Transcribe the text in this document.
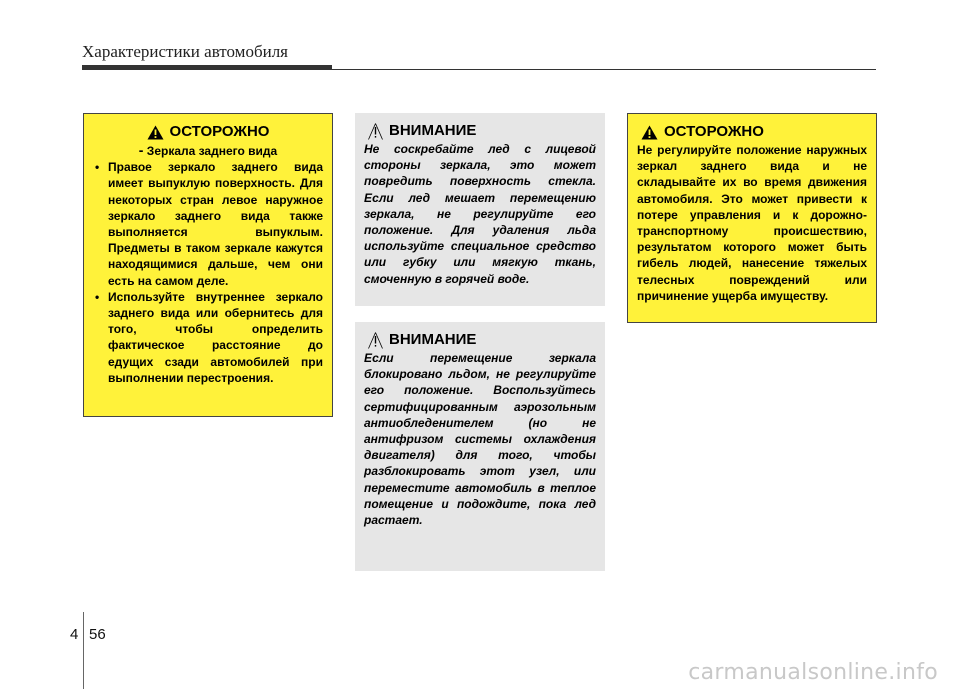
Характеристики автомобиля
ОСТОРОЖНО
- Зеркала заднего вида
• Правое зеркало заднего вида имеет выпуклую поверхность. Для некоторых стран левое наружное зеркало заднего вида также выполняется выпуклым. Предметы в таком зеркале кажутся находящимися дальше, чем они есть на самом деле.
• Используйте внутреннее зеркало заднего вида или обернитесь для того, чтобы определить фактическое расстояние до едущих сзади автомобилей при выполнении перестроения.
ВНИМАНИЕ

Не соскребайте лед с лицевой стороны зеркала, это может повредить поверхность стекла. Если лед мешает перемещению зеркала, не регулируйте его положение. Для удаления льда используйте специальное средство или губку или мягкую ткань, смоченную в горячей воде.

ВНИМАНИЕ

Если перемещение зеркала блокировано льдом, не регулируйте его положение. Воспользуйтесь сертифицированным аэрозольным антиобледенителем (но не антифризом системы охлаждения двигателя) для того, чтобы разблокировать этот узел, или переместите автомобиль в теплое помещение и подождите, пока лед растает.

ОСТОРОЖНО

Не регулируйте положение наружных зеркал заднего вида и не складывайте их во время движения автомобиля. Это может привести к потере управления и к дорожно-транспортному происшествию, результатом которого может быть гибель людей, нанесение тяжелых телесных повреждений или причинение ущерба имуществу.

4 56
carmanualsonline.info
